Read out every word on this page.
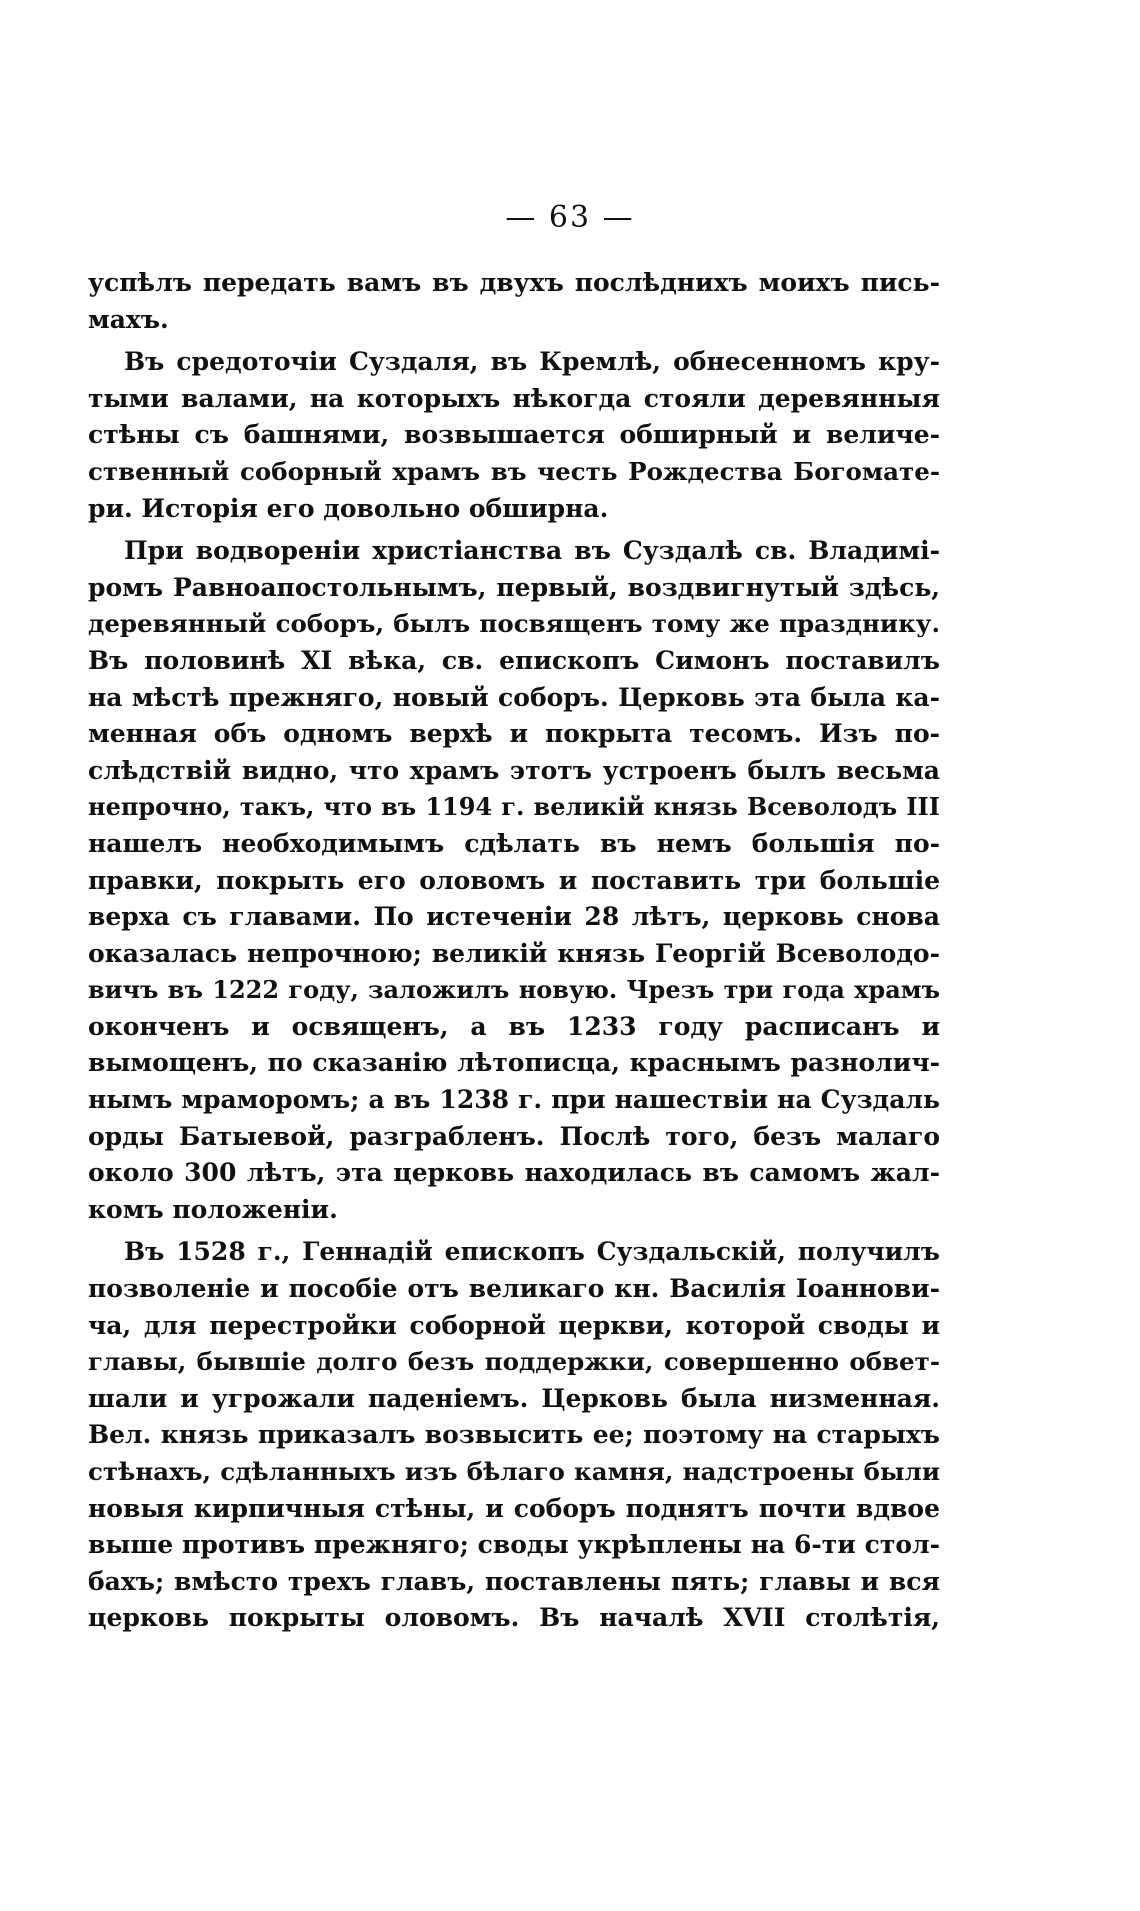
— 63 —
успѣлъ передать вамъ въ двухъ послѣднихъ моихъ пись-
махъ.
Въ средоточіи Суздаля, въ Кремлѣ, обнесенномъ кру-
тыми валами, на которыхъ нѣкогда стояли деревянныя
стѣны съ башнями, возвышается обширный и величе-
ственный соборный храмъ въ честь Рождества Богомате-
ри. Исторія его довольно обширна.
При водвореніи христіанства въ Суздалѣ св. Владимі-
ромъ Равноапостольнымъ, первый, воздвигнутый здѣсь,
деревянный соборъ, былъ посвященъ тому же празднику.
Въ половинѣ XI вѣка, св. епископъ Симонъ поставилъ
на мѣстѣ прежняго, новый соборъ. Церковь эта была ка-
менная объ одномъ верхѣ и покрыта тесомъ. Изъ по-
слѣдствій видно, что храмъ этотъ устроенъ былъ весьма
непрочно, такъ, что въ 1194 г. великій князь Всеволодъ III
нашелъ необходимымъ сдѣлать въ немъ большія по-
правки, покрыть его оловомъ и поставить три большіе
верха съ главами. По истеченіи 28 лѣтъ, церковь снова
оказалась непрочною; великій князь Георгій Всеволодо-
вичъ въ 1222 году, заложилъ новую. Чрезъ три года храмъ
оконченъ и освященъ, а въ 1233 году расписанъ и
вымощенъ, по сказанію лѣтописца, краснымъ разнолич-
нымъ мраморомъ; а въ 1238 г. при нашествіи на Суздаль
орды Батыевой, разграбленъ. Послѣ того, безъ малаго
около 300 лѣтъ, эта церковь находилась въ самомъ жал-
комъ положеніи.
Въ 1528 г., Геннадій епископъ Суздальскій, получилъ
позволеніе и пособіе отъ великаго кн. Василія Іоаннови-
ча, для перестройки соборной церкви, которой своды и
главы, бывшіе долго безъ поддержки, совершенно обвет-
шали и угрожали паденіемъ. Церковь была низменная.
Вел. князь приказалъ возвысить ее; поэтому на старыхъ
стѣнахъ, сдѣланныхъ изъ бѣлаго камня, надстроены были
новыя кирпичныя стѣны, и соборъ поднятъ почти вдвое
выше противъ прежняго; своды укрѣплены на 6-ти стол-
бахъ; вмѣсто трехъ главъ, поставлены пять; главы и вся
церковь покрыты оловомъ. Въ началѣ XVII столѣтія,
